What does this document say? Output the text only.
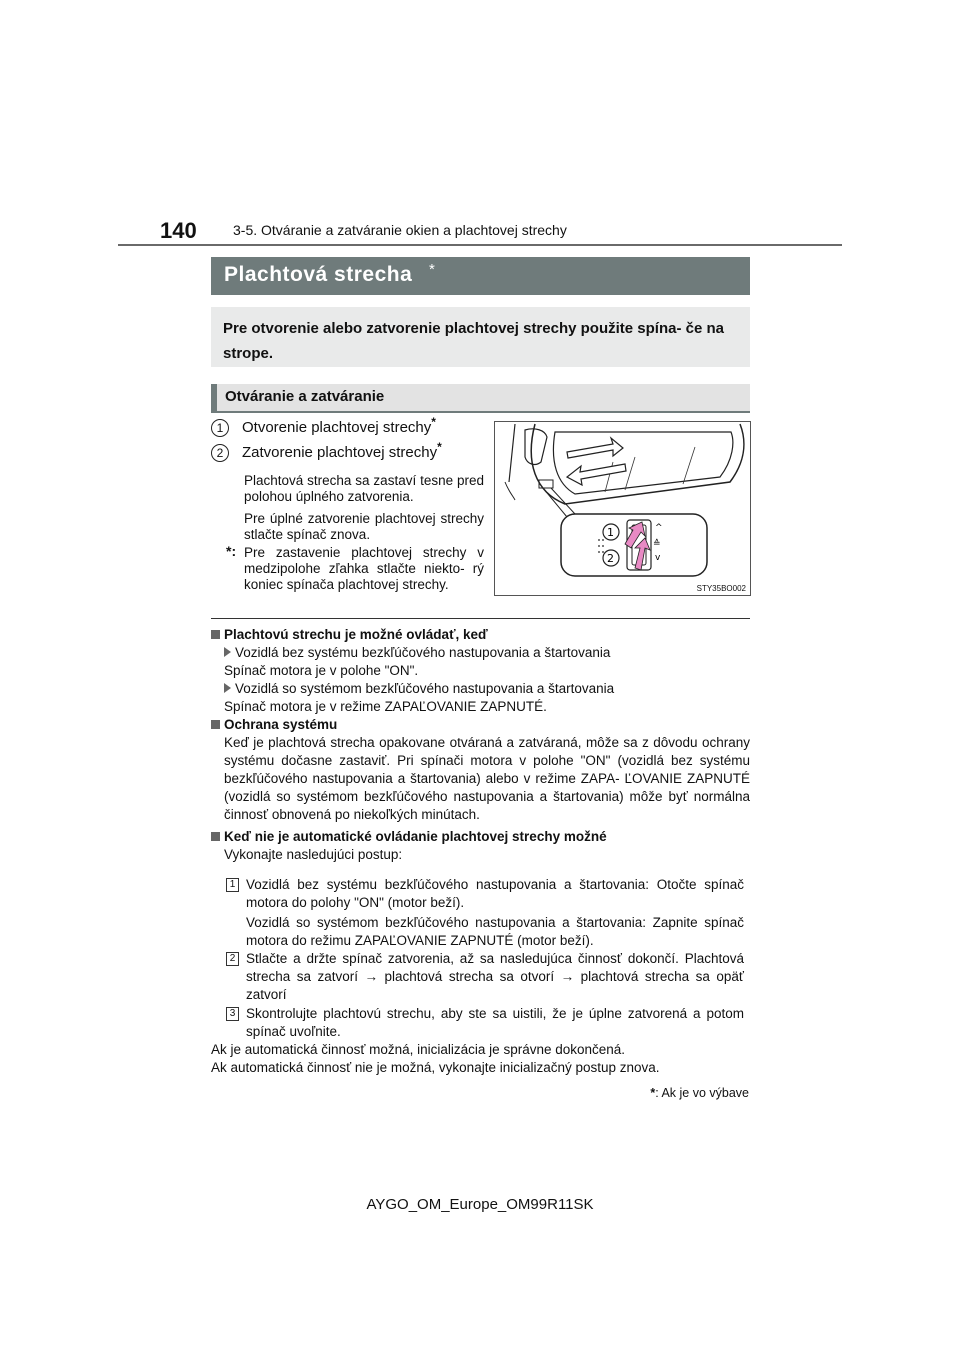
140	3-5. Otváranie a zatváranie okien a plachtovej strechy
Plachtová strecha *
Pre otvorenie alebo zatvorenie plachtovej strechy použite spína- če na strope.
Otváranie a zatváranie
1	Otvorenie plachtovej strechy*
2	Zatvorenie plachtovej strechy*
Plachtová strecha sa zastaví tesne pred polohou úplného zatvorenia.
Pre úplné zatvorenie plachtovej strechy stlačte spínač znova.
*: Pre zastavenie plachtovej strechy v medzipolohe zľahka stlačte niekto- rý koniec spínača plachtovej strechy.
^
≙
v
1
2
STY35BO002
Plachtovú strechu je možné ovládať, keď
Vozidlá bez systému bezkľúčového nastupovania a štartovania
Spínač motora je v polohe "ON".
Vozidlá so systémom bezkľúčového nastupovania a štartovania
Spínač motora je v režime ZAPAĽOVANIE ZAPNUTÉ.
Ochrana systému
Keď je plachtová strecha opakovane otváraná a zatváraná, môže sa z dôvodu ochrany systému dočasne zastaviť. Pri spínači motora v polohe "ON" (vozidlá bez systému bezkľúčového nastupovania a štartovania) alebo v režime ZAPA- ĽOVANIE ZAPNUTÉ (vozidlá so systémom bezkľúčového nastupovania a štartovania) môže byť normálna činnosť obnovená po niekoľkých minútach.
Keď nie je automatické ovládanie plachtovej strechy možné
Vykonajte nasledujúci postup:
1 Vozidlá bez systému bezkľúčového nastupovania a štartovania: Otočte spínač motora do polohy "ON" (motor beží).
Vozidlá so systémom bezkľúčového nastupovania a štartovania: Zapnite spínač motora do režimu ZAPAĽOVANIE ZAPNUTÉ (motor beží).
2 Stlačte a držte spínač zatvorenia, až sa nasledujúca činnosť dokončí. Plachtová strecha sa zatvorí → plachtová strecha sa otvorí → plachtová strecha sa opäť zatvorí
3 Skontrolujte plachtovú strechu, aby ste sa uistili, že je úplne zatvorená a potom spínač uvoľnite.
Ak je automatická činnosť možná, inicializácia je správne dokončená.
Ak automatická činnosť nie je možná, vykonajte inicializačný postup znova.
*: Ak je vo výbave
AYGO_OM_Europe_OM99R11SK
